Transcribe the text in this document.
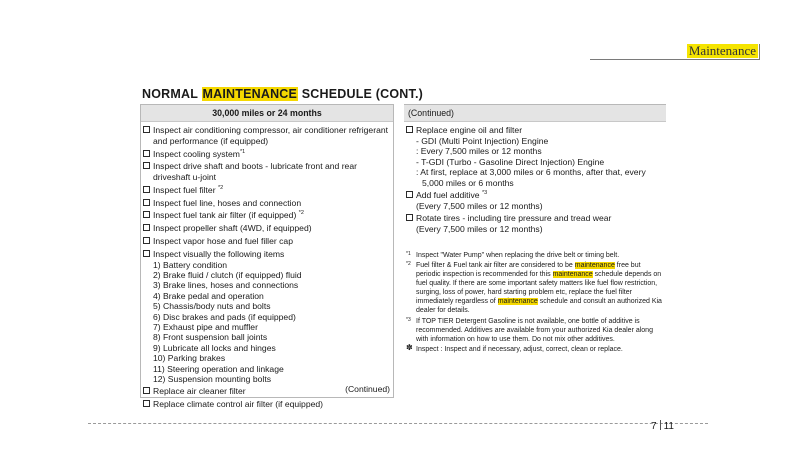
Maintenance
NORMAL MAINTENANCE SCHEDULE (CONT.)
30,000 miles or 24 months
Inspect air conditioning compressor, air conditioner refrigerant and performance (if equipped)
Inspect cooling system$^{*1}$
Inspect drive shaft and boots - lubricate front and rear driveshaft u-joint
Inspect fuel filter $^{*2}$
Inspect fuel line, hoses and connection
Inspect fuel tank air filter (if equipped) $^{*2}$
Inspect propeller shaft (4WD, if equipped)
Inspect vapor hose and fuel filler cap
Inspect visually the following items
1) Battery condition
2) Brake fluid / clutch (if equipped) fluid
3) Brake lines, hoses and connections
4) Brake pedal and operation
5) Chassis/body nuts and bolts
6) Disc brakes and pads (if equipped)
7) Exhaust pipe and muffler
8) Front suspension ball joints
9) Lubricate all locks and hinges
10) Parking brakes
11) Steering operation and linkage
12) Suspension mounting bolts
Replace air cleaner filter
Replace climate control air filter (if equipped)
(Continued)
(Continued)
Replace engine oil and filter
- GDI (Multi Point Injection) Engine
: Every 7,500 miles or 12 months
- T-GDI (Turbo - Gasoline Direct Injection) Engine
: At first, replace at 3,000 miles or 6 months, after that, every
5,000 miles or 6 months
Add fuel additive $^{*3}$
(Every 7,500 miles or 12 months)
Rotate tires - including tire pressure and tread wear
(Every 7,500 miles or 12 months)
*1 Inspect "Water Pump" when replacing the drive belt or timing belt.
*2 Fuel filter & Fuel tank air filter are considered to be maintenance free but periodic inspection is recommended for this maintenance schedule depends on fuel quality. If there are some important safety matters like fuel flow restriction, surging, loss of power, hard starting problem etc, replace the fuel filter immediately regardless of maintenance schedule and consult an authorized Kia dealer for details.
*3 If TOP TIER Detergent Gasoline is not available, one bottle of additive is recommended. Additives are available from your authorized Kia dealer along with information on how to use them. Do not mix other additives.
✽ Inspect : Inspect and if necessary, adjust, correct, clean or replace.
7 11
